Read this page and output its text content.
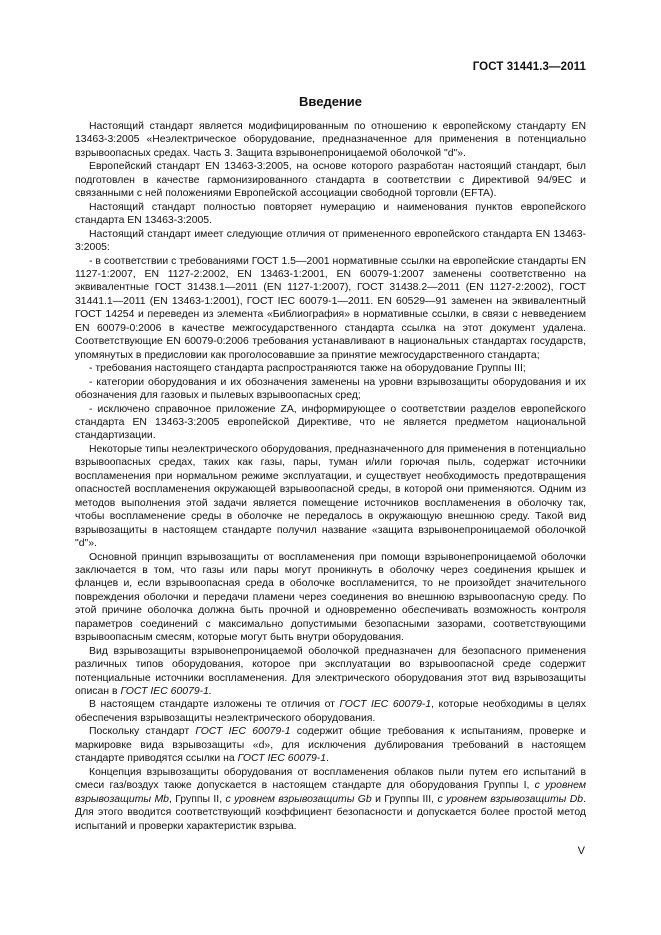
ГОСТ 31441.3—2011
Введение

Настоящий стандарт является модифицированным по отношению к европейскому стандарту EN 13463-3:2005 «Неэлектрическое оборудование, предназначенное для применения в потенциально взрывоопасных средах. Часть 3. Защита взрывонепроницаемой оболочкой "d"».

Европейский стандарт EN 13463-3:2005, на основе которого разработан настоящий стандарт, был подготовлен в качестве гармонизированного стандарта в соответствии с Директивой 94/9ЕС и связанными с ней положениями Европейской ассоциации свободной торговли (EFTA).

Настоящий стандарт полностью повторяет нумерацию и наименования пунктов европейского стандарта EN 13463-3:2005.

Настоящий стандарт имеет следующие отличия от примененного европейского стандарта EN 13463-3:2005:

- в соответствии с требованиями ГОСТ 1.5—2001 нормативные ссылки на европейские стандарты EN 1127-1:2007, EN 1127-2:2002, EN 13463-1:2001, EN 60079-1:2007 заменены соответственно на эквивалентные ГОСТ 31438.1—2011 (EN 1127-1:2007), ГОСТ 31438.2—2011 (EN 1127-2:2002), ГОСТ 31441.1—2011 (EN 13463-1:2001), ГОСТ IEC 60079-1—2011. EN 60529—91 заменен на эквивалентный ГОСТ 14254 и переведен из элемента «Библиография» в нормативные ссылки, в связи с невведением EN 60079-0:2006 в качестве межгосударственного стандарта ссылка на этот документ удалена. Соответствующие EN 60079-0:2006 требования устанавливают в национальных стандартах государств, упомянутых в предисловии как проголосовавшие за принятие межгосударственного стандарта;

- требования настоящего стандарта распространяются также на оборудование Группы III;

- категории оборудования и их обозначения заменены на уровни взрывозащиты оборудования и их обозначения для газовых и пылевых взрывоопасных сред;

- исключено справочное приложение ZA, информирующее о соответствии разделов европейского стандарта EN 13463-3:2005 европейской Директиве, что не является предметом национальной стандартизации.

Некоторые типы неэлектрического оборудования, предназначенного для применения в потенциально взрывоопасных средах, таких как газы, пары, туман и/или горючая пыль, содержат источники воспламенения при нормальном режиме эксплуатации, и существует необходимость предотвращения опасностей воспламенения окружающей взрывоопасной среды, в которой они применяются. Одним из методов выполнения этой задачи является помещение источников воспламенения в оболочку так, чтобы воспламенение среды в оболочке не передалось в окружающую внешнюю среду. Такой вид взрывозащиты в настоящем стандарте получил название «защита взрывонепроницаемой оболочкой "d"».

Основной принцип взрывозащиты от воспламенения при помощи взрывонепроницаемой оболочки заключается в том, что газы или пары могут проникнуть в оболочку через соединения крышек и фланцев и, если взрывоопасная среда в оболочке воспламенится, то не произойдет значительного повреждения оболочки и передачи пламени через соединения во внешнюю взрывоопасную среду. По этой причине оболочка должна быть прочной и одновременно обеспечивать возможность контроля параметров соединений с максимально допустимыми безопасными зазорами, соответствующими взрывоопасным смесям, которые могут быть внутри оборудования.

Вид взрывозащиты взрывонепроницаемой оболочкой предназначен для безопасного применения различных типов оборудования, которое при эксплуатации во взрывоопасной среде содержит потенциальные источники воспламенения. Для электрического оборудования этот вид взрывозащиты описан в ГОСТ IEC 60079-1.

В настоящем стандарте изложены те отличия от ГОСТ IEC 60079-1, которые необходимы в целях обеспечения взрывозащиты неэлектрического оборудования.

Поскольку стандарт ГОСТ IEC 60079-1 содержит общие требования к испытаниям, проверке и маркировке вида взрывозащиты «d», для исключения дублирования требований в настоящем стандарте приводятся ссылки на ГОСТ IEC 60079-1.

Концепция взрывозащиты оборудования от воспламенения облаков пыли путем его испытаний в смеси газ/воздух также допускается в настоящем стандарте для оборудования Группы I, с уровнем взрывозащиты Mb, Группы II, с уровнем взрывозащиты Gb и Группы III, с уровнем взрывозащиты Db. Для этого вводится соответствующий коэффициент безопасности и допускается более простой метод испытаний и проверки характеристик взрыва.

V
